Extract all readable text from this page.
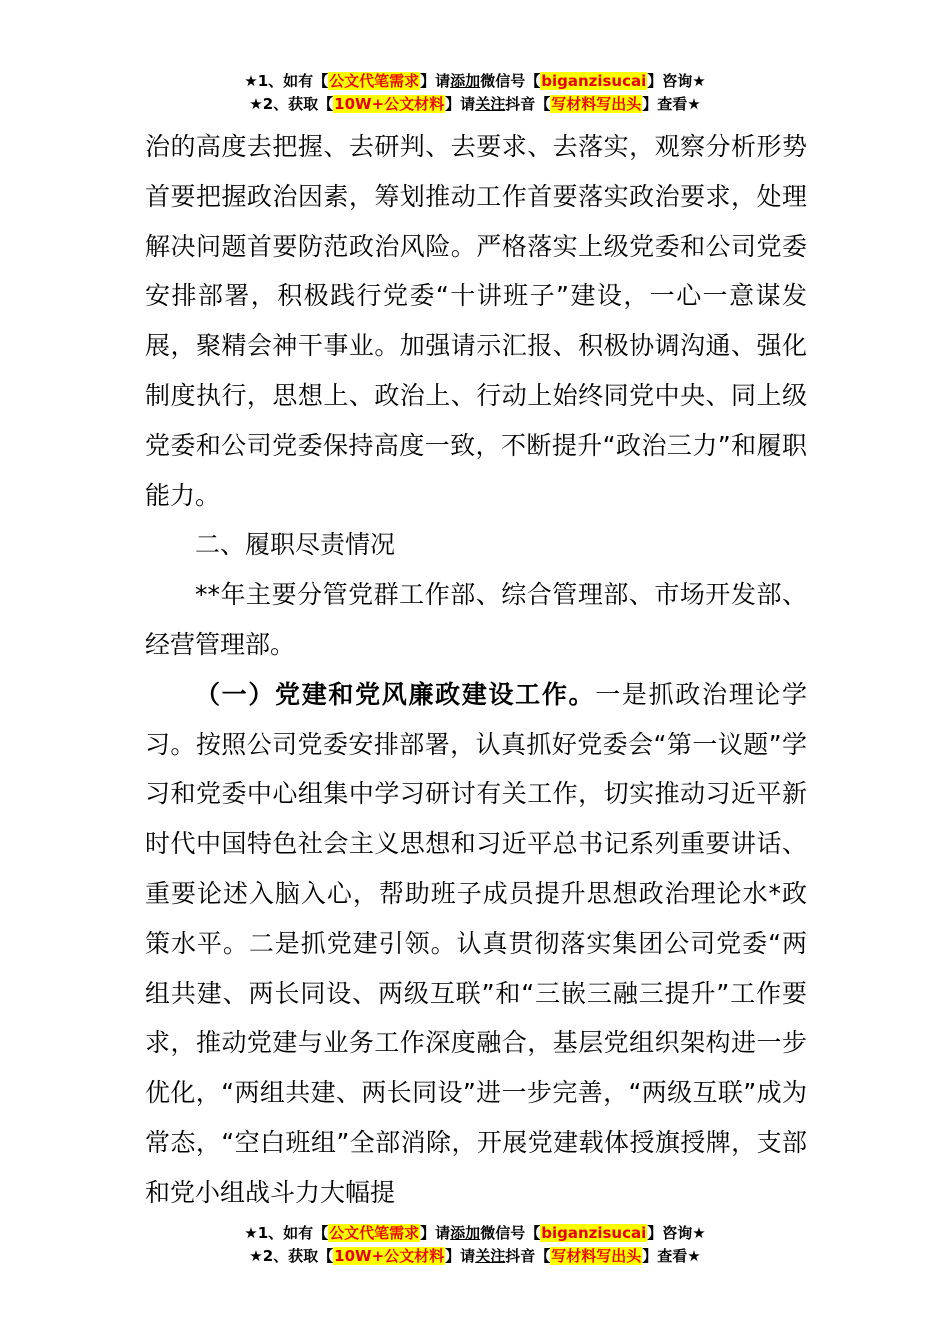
★1、如有【公文代笔需求】请添加微信号【biganzisucai】咨询★
★2、获取【10W+公文材料】请关注抖音【写材料写出头】查看★

治的高度去把握、去研判、去要求、去落实，观察分析形势首要把握政治因素，筹划推动工作首要落实政治要求，处理解决问题首要防范政治风险。严格落实上级党委和公司党委安排部署，积极践行党委“十讲班子”建设，一心一意谋发展，聚精会神干事业。加强请示汇报、积极协调沟通、强化制度执行，思想上、政治上、行动上始终同党中央、同上级党委和公司党委保持高度一致，不断提升“政治三力”和履职能力。

二、履职尽责情况

**年主要分管党群工作部、综合管理部、市场开发部、经营管理部。

（一）党建和党风廉政建设工作。一是抓政治理论学习。按照公司党委安排部署，认真抓好党委会“第一议题”学习和党委中心组集中学习研讨有关工作，切实推动习近平新时代中国特色社会主义思想和习近平总书记系列重要讲话、重要论述入脑入心，帮助班子成员提升思想政治理论水*政策水平。二是抓党建引领。认真贯彻落实集团公司党委“两组共建、两长同设、两级互联”和“三嵌三融三提升”工作要求，推动党建与业务工作深度融合，基层党组织架构进一步优化，“两组共建、两长同设”进一步完善，“两级互联”成为常态，“空白班组”全部消除，开展党建载体授旗授牌，支部和党小组战斗力大幅提

★1、如有【公文代笔需求】请添加微信号【biganzisucai】咨询★
★2、获取【10W+公文材料】请关注抖音【写材料写出头】查看★
